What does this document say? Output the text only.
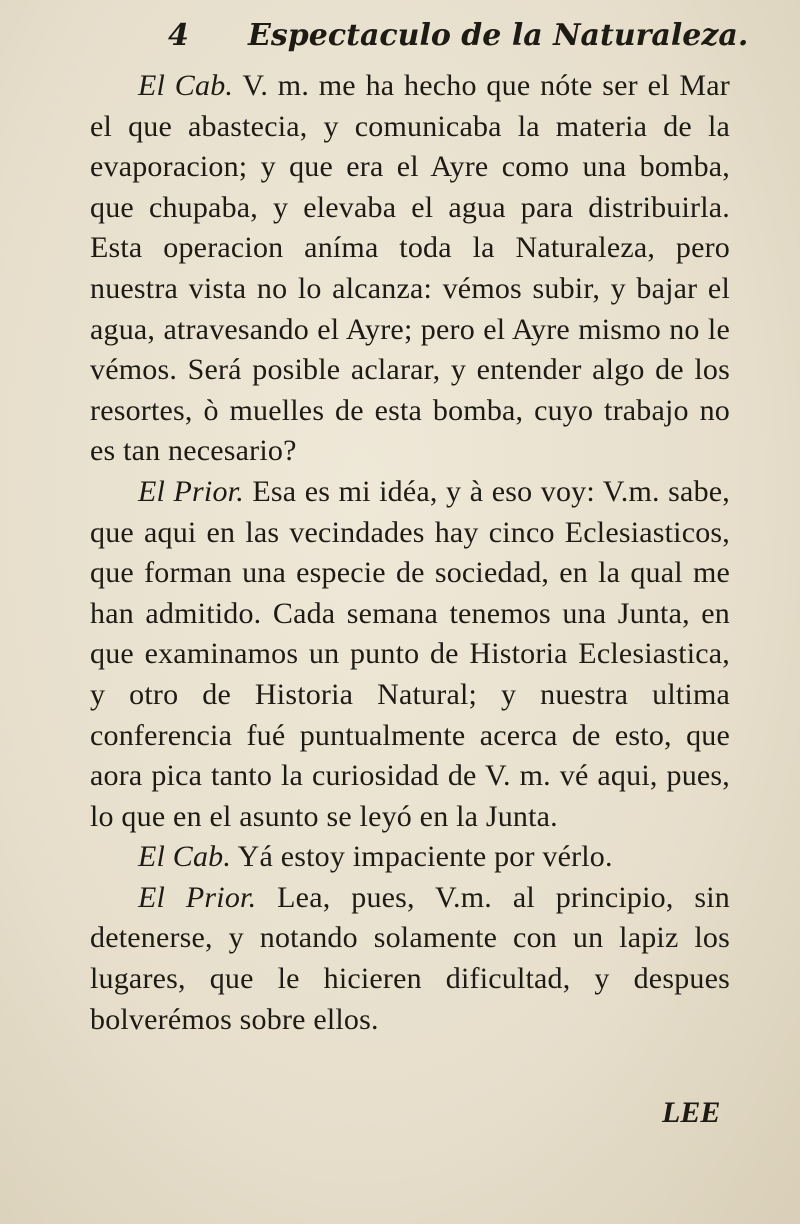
4 Espectaculo de la Naturaleza.

El Cab. V. m. me ha hecho que nóte ser el Mar el que abastecia, y comunicaba la materia de la evaporacion; y que era el Ayre como una bomba, que chupaba, y elevaba el agua para distribuirla. Esta operacion aníma toda la Naturaleza, pero nuestra vista no lo alcanza: vémos subir, y bajar el agua, atravesando el Ayre; pero el Ayre mismo no le vémos. Será posible aclarar, y entender algo de los resortes, ò muelles de esta bomba, cuyo trabajo no es tan necesario?

El Prior. Esa es mi idéa, y à eso voy: V.m. sabe, que aqui en las vecindades hay cinco Eclesiasticos, que forman una especie de sociedad, en la qual me han admitido. Cada semana tenemos una Junta, en que examinamos un punto de Historia Eclesiastica, y otro de Historia Natural; y nuestra ultima conferencia fué puntualmente acerca de esto, que aora pica tanto la curiosidad de V. m. vé aqui, pues, lo que en el asunto se leyó en la Junta.

El Cab. Yá estoy impaciente por vérlo.

El Prior. Lea, pues, V.m. al principio, sin detenerse, y notando solamente con un lapiz los lugares, que le hicieren dificultad, y despues bolverémos sobre ellos.

LEE
